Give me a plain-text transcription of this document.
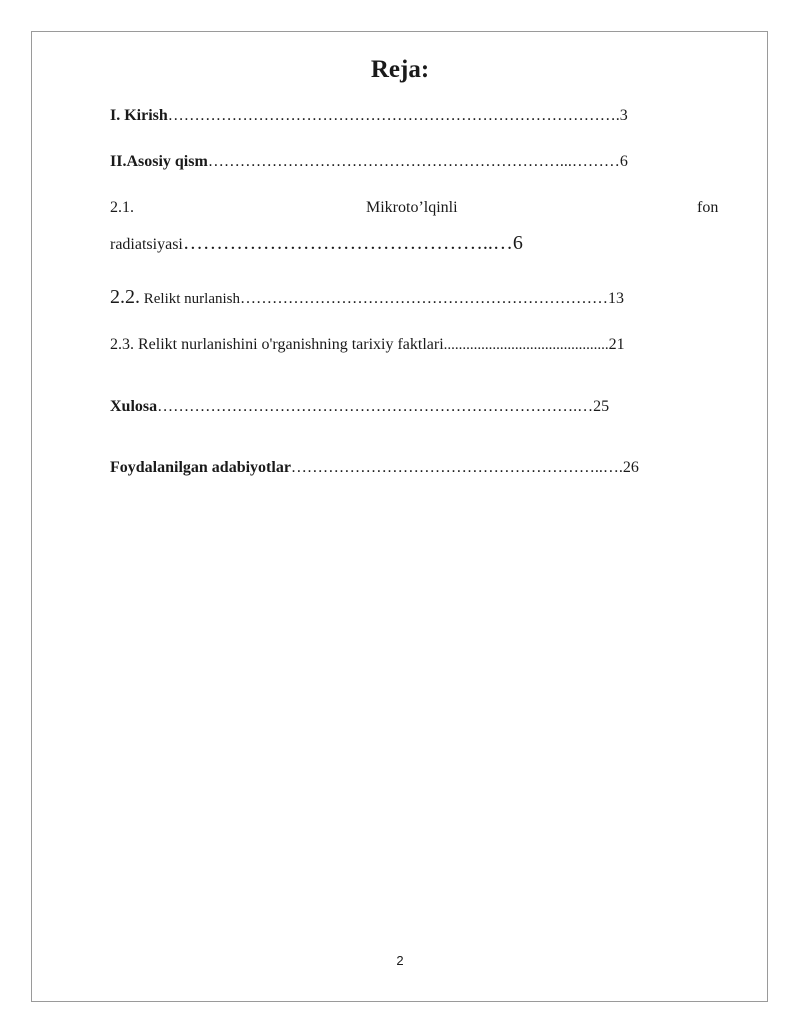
Reja:
I. Kirish………………………………………………………………………….3
II.Asosiy qism…………………………………………………………...………6
2.1.	Mikroto’lqinli	fon
radiatsiyasi………………………………………..…6
2.2. Relikt nurlanish……………………………………………………………13
2.3. Relikt nurlanishini o'rganishning tarixiy faktlari............................................21
Xulosa…………………………………………………………………….…25
Foydalanilgan adabiyotlar…………………………………………………..….26
2
